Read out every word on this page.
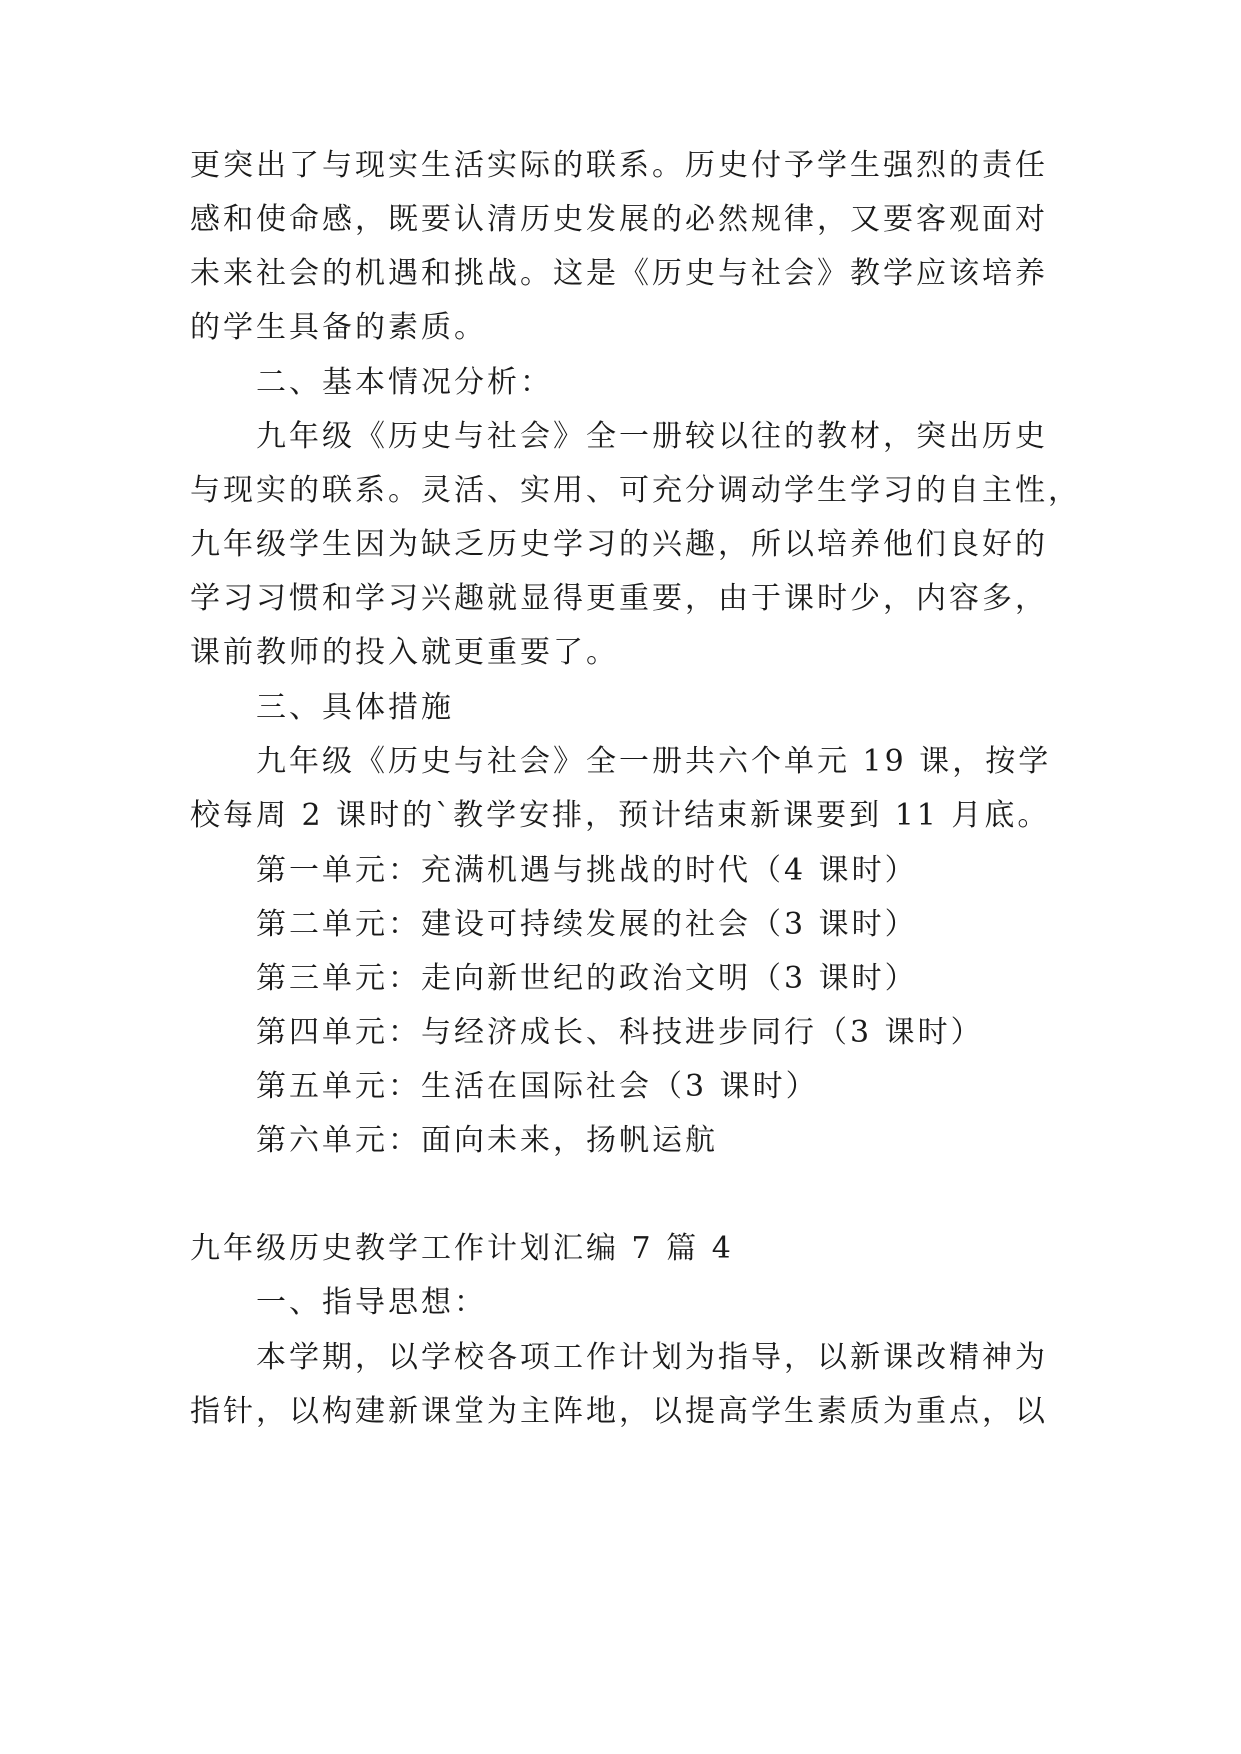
更突出了与现实生活实际的联系。历史付予学生强烈的责任
感和使命感，既要认清历史发展的必然规律，又要客观面对
未来社会的机遇和挑战。这是《历史与社会》教学应该培养
的学生具备的素质。
二、基本情况分析：
九年级《历史与社会》全一册较以往的教材，突出历史
与现实的联系。灵活、实用、可充分调动学生学习的自主性，
九年级学生因为缺乏历史学习的兴趣，所以培养他们良好的
学习习惯和学习兴趣就显得更重要，由于课时少，内容多，
课前教师的投入就更重要了。
三、具体措施
九年级《历史与社会》全一册共六个单元 19 课，按学
校每周 2 课时的`教学安排，预计结束新课要到 11 月底。
第一单元：充满机遇与挑战的时代（4 课时）
第二单元：建设可持续发展的社会（3 课时）
第三单元：走向新世纪的政治文明（3 课时）
第四单元：与经济成长、科技进步同行（3 课时）
第五单元：生活在国际社会（3 课时）
第六单元：面向未来，扬帆运航
九年级历史教学工作计划汇编 7 篇 4
一、指导思想：
本学期，以学校各项工作计划为指导，以新课改精神为
指针，以构建新课堂为主阵地，以提高学生素质为重点，以
